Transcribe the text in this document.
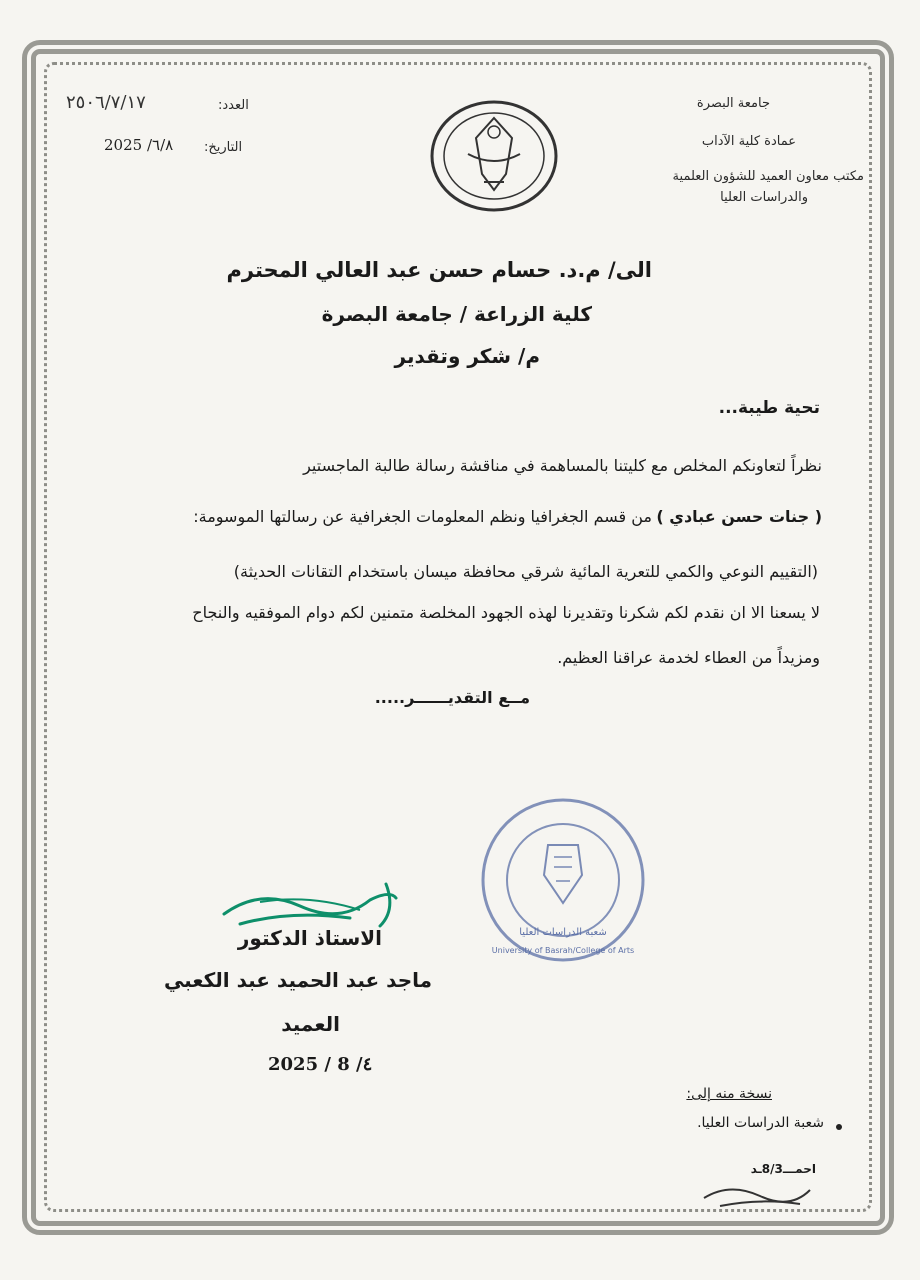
جامعة البصرة
عمادة كلية الآداب
مكتب معاون العميد للشؤون العلمية
والدراسات العليا
العدد:
٢٥٠٦/٧/١٧
التاريخ:
٦/٨/ 2025
الى/ م.د. حسام حسن عبد العالي المحترم
كلية الزراعة / جامعة البصرة
م/ شكر وتقدير
تحية طيبة...
نظراً لتعاونكم المخلص مع كليتنا بالمساهمة في مناقشة رسالة طالبة الماجستير
( جنات حسن عبادي )
من قسم الجغرافيا ونظم المعلومات الجغرافية عن رسالتها الموسومة:
(التقييم النوعي والكمي للتعرية المائية شرقي محافظة ميسان باستخدام التقانات الحديثة)
لا يسعنا الا ان نقدم لكم شكرنا وتقديرنا لهذه الجهود المخلصة متمنين لكم دوام الموفقيه والنجاح
ومزيداً من العطاء لخدمة عراقنا العظيم.
مــع التقديــــــر.....
شعبة الدراسات العليا
University of Basrah/College of Arts
الاستاذ الدكتور
ماجد عبد الحميد عبد الكعبي
العميد
2025 / 8 /٤
نسخة منه إلى:
شعبة الدراسات العليا.
احمـــ8/3ـد
